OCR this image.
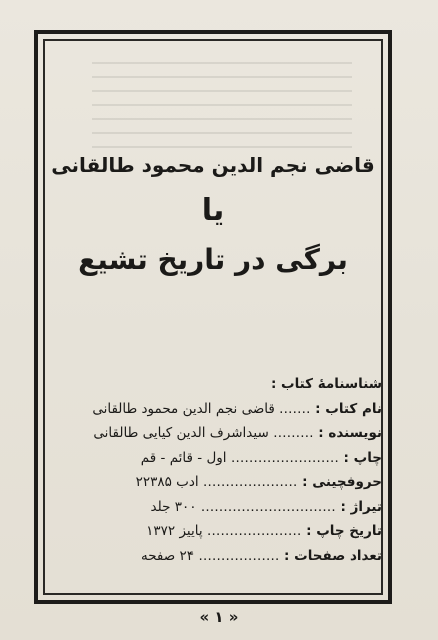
قاضی نجم الدین محمود طالقانی
یا
برگی در تاریخ تشیع
شناسنامهٔ کتاب :
نام کتاب : ……. قاضی نجم الدین محمود طالقانی
نویسنده : ……… سیداشرف الدین کیایی طالقانی
چاپ : …………………… اول - قائم - قم
حروفچینی : ………………… ادب ۲۲۳۸۵
تیراژ : ………………………… ۳۰۰ جلد
تاریخ چاپ : ………………… پاییز ۱۳۷۲
تعداد صفحات : ……………… ۲۴ صفحه
« ۱ »
